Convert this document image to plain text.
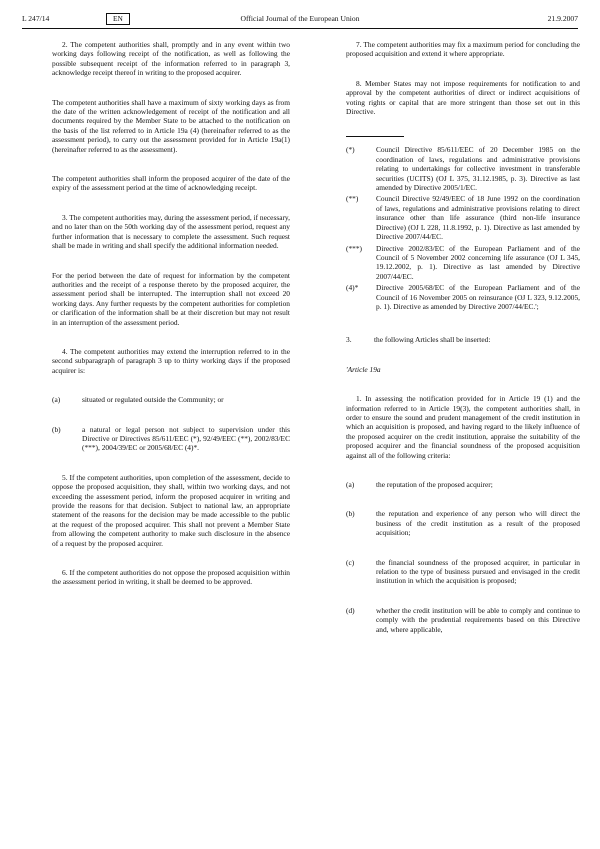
L 247/14	EN	Official Journal of the European Union	21.9.2007

2. The competent authorities shall, promptly and in any event within two working days following receipt of the notification, as well as following the possible subsequent receipt of the information referred to in paragraph 3, acknowledge receipt thereof in writing to the proposed acquirer.

The competent authorities shall have a maximum of sixty working days as from the date of the written acknowledgement of receipt of the notification and all documents required by the Member State to be attached to the notification on the basis of the list referred to in Article 19a (4) (hereinafter referred to as the assessment period), to carry out the assessment provided for in Article 19a(1) (hereinafter referred to as the assessment).

The competent authorities shall inform the proposed acquirer of the date of the expiry of the assessment period at the time of acknowledging receipt.

3. The competent authorities may, during the assessment period, if necessary, and no later than on the 50th working day of the assessment period, request any further information that is necessary to complete the assessment. Such request shall be made in writing and shall specify the additional information needed.

For the period between the date of request for information by the competent authorities and the receipt of a response thereto by the proposed acquirer, the assessment period shall be interrupted. The interruption shall not exceed 20 working days. Any further requests by the competent authorities for completion or clarification of the information shall be at their discretion but may not result in an interruption of the assessment period.

4. The competent authorities may extend the interruption referred to in the second subparagraph of paragraph 3 up to thirty working days if the proposed acquirer is:

(a)	situated or regulated outside the Community; or

(b)	a natural or legal person not subject to supervision under this Directive or Directives 85/611/EEC (*), 92/49/EEC (**), 2002/83/EC (***), 2004/39/EC or 2005/68/EC (4)*.

5. If the competent authorities, upon completion of the assessment, decide to oppose the proposed acquisition, they shall, within two working days, and not exceeding the assessment period, inform the proposed acquirer in writing and provide the reasons for that decision. Subject to national law, an appropriate statement of the reasons for the decision may be made accessible to the public at the request of the proposed acquirer. This shall not prevent a Member State from allowing the competent authority to make such disclosure in the absence of a request by the proposed acquirer.

6. If the competent authorities do not oppose the proposed acquisition within the assessment period in writing, it shall be deemed to be approved.

7. The competent authorities may fix a maximum period for concluding the proposed acquisition and extend it where appropriate.

8. Member States may not impose requirements for notification to and approval by the competent authorities of direct or indirect acquisitions of voting rights or capital that are more stringent than those set out in this Directive.

(*)	Council Directive 85/611/EEC of 20 December 1985 on the coordination of laws, regulations and administrative provisions relating to undertakings for collective investment in transferable securities (UCITS) (OJ L 375, 31.12.1985, p. 3). Directive as last amended by Directive 2005/1/EC.

(**) Council Directive 92/49/EEC of 18 June 1992 on the coordination of laws, regulations and administrative provisions relating to direct insurance other than life assurance (third non-life insurance Directive) (OJ L 228, 11.8.1992, p. 1). Directive as last amended by Directive 2007/44/EC.

(***) Directive 2002/83/EC of the European Parliament and of the Council of 5 November 2002 concerning life assurance (OJ L 345, 19.12.2002, p. 1). Directive as last amended by Directive 2007/44/EC.

(4)* Directive 2005/68/EC of the European Parliament and of the Council of 16 November 2005 on reinsurance (OJ L 323, 9.12.2005, p. 1). Directive as amended by Directive 2007/44/EC.';

3.	the following Articles shall be inserted:

'Article 19a

1. In assessing the notification provided for in Article 19 (1) and the information referred to in Article 19(3), the competent authorities shall, in order to ensure the sound and prudent management of the credit institution in which an acquisition is proposed, and having regard to the likely influence of the proposed acquirer on the credit institution, appraise the suitability of the proposed acquirer and the financial soundness of the proposed acquisition against all of the following criteria:

(a)	the reputation of the proposed acquirer;

(b)	the reputation and experience of any person who will direct the business of the credit institution as a result of the proposed acquisition;

(c)	the financial soundness of the proposed acquirer, in particular in relation to the type of business pursued and envisaged in the credit institution in which the acquisition is proposed;

(d)	whether the credit institution will be able to comply and continue to comply with the prudential requirements based on this Directive and, where applicable,
